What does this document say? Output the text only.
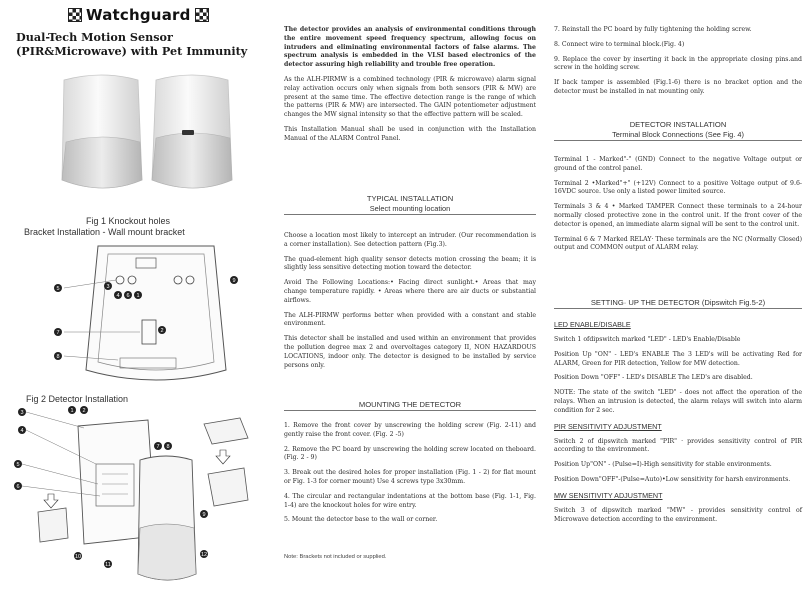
Watchguard
Dual-Tech Motion Sensor (PIR&Microwave) with Pet Immunity
Fig 1 Knockout holes
Bracket Installation - Wall mount bracket
5
7
8
3
4 6 1
2
9
Fig 2 Detector Installation
1 2
3
4
5
6
7 8
9
10
11
12

The detector provides an analysis of environmental conditions through the entire movement speed frequency spectrum, allowing focus on intruders and eliminating environmental factors of false alarms. The spectrum analysis is embedded in the VLSI based electronics of the detector assuring high reliability and trouble free operation.

As the ALH-PIRMW is a combined technology (PIR & microwave) alarm signal relay activation occurs only when signals from both sensors (PIR & MW) are present at the same time. The effective detection range is the range of which the patterns (PIR & MW) are intersected. The GAIN potentiometer adjustment changes the MW signal intensity so that the effective pattern will be scaled.

This Installation Manual shall be used in conjunction with the Installation Manual of the ALARM Control Panel.

TYPICAL INSTALLATION
Select mounting location

Choose a location most likely to intercept an intruder. (Our recommendation is a corner installation). See detection pattern (Fig.3).

The quad-element high quality sensor detects motion crossing the beam; it is slightly less sensitive detecting motion toward the detector.

Avoid The Following Locations:• Facing direct sunlight.• Areas that may change temperature rapidly. • Areas where there are air ducts or substantial airflows.

The ALH-PIRMW performs better when provided with a constant and stable environment.

This detector shall be installed and used within an environment that provides the pollution degree max 2 and overvoltages category II, NON HAZARDOUS LOCATIONS, indoor only. The detector is designed to be installed by service persons only.

MOUNTING THE DETECTOR

1. Remove the front cover by unscrewing the holding screw (Fig. 2-11) and gently raise the front cover. (Fig. 2 -5)

2. Remove the PC board by unscrewing the holding screw located on theboard.(Fig. 2 - 9)

3. Break out the desired holes for proper installation (Fig. 1 - 2) for flat mount or Fig. 1-3 for corner mount) Use 4 screws type 3x30mm.

4. The circular and rectangular indentations at the bottom base (Fig. 1-1, Fig. 1-4) are the knockout holes for wire entry.

5. Mount the detector base to the wall or corner.

Note: Brackets not included or supplied.

7. Reinstall the PC board by fully tightening the holding screw.

8. Connect wire to terminal block.(Fig. 4)

9. Replace the cover by inserting it back in the appropriate closing pins.and screw in the holding screw.

If back tamper is assembled (Fig.1-6) there is no bracket option and the detector must be installed in nat mounting only.

DETECTOR INSTALLATION
Terminal Block Connections (See Fig. 4)

Terminal 1 - Marked"-" (GND) Connect to the negative Voltage output or ground of the control panel.

Terminal 2 •Marked"+" (+12V) Connect to a positive Voltage output of 9.6-16VDC source. Use only a listed power limited source.

Terminals 3 & 4 • Marked TAMPER Connect these terminals to a 24-hour normally closed protective zone in the control unit. If the front cover of the detector is opened, an immediate alarm signal will be sent to the control unit.

Terminal 6 & 7 Marked RELAY· These terminals are the NC (Normally Closed) output and COMMON output of ALARM relay.

SETTING· UP THE DETECTOR (Dipswitch Fig.5-2)
LED ENABLE/DISABLE

Switch 1 ofdipswitch marked "LED" - LED's Enable/Disable

Position Up "ON" - LED's ENABLE The 3 LED's will be activating Red for ALARM, Green for PIR detection, Yellow for MW detection.

Position Down "OFF" - LED's DISABLE The LED's are disabled.

NOTE: The state of the switch "LED" - does not affect the operation of the relays. When an intrusion is detected, the alarm relays will switch into alarm condition for 2 sec.

PIR SENSITIVITY ADJUSTMENT

Switch 2 of dipswitch marked "PIR" · provides sensitivity control of PIR according to the environment.

Position Up"ON" - (Pulse=I)-High sensitivity for stable environments.

Position Down"OFF"-(Pulse=Auto)•Low sensitivity for harsh environments.

MW SENSITIVITY ADJUSTMENT

Switch 3 of dipswitch marked "MW" - provides sensitivity control of Microwave detection according to the environment.
